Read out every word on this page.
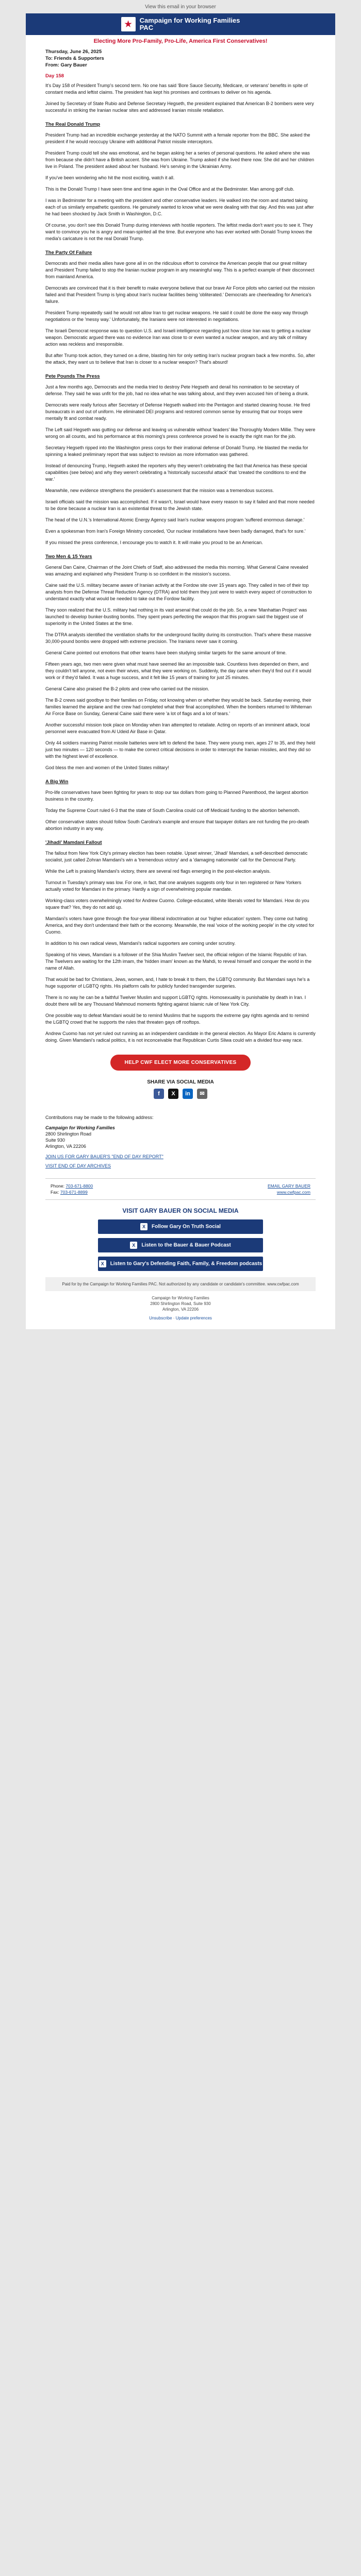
View this email in your browser
★ Campaign for Working Families
PAC
Electing More Pro-Family, Pro-Life, America First Conservatives!

Thursday, June 26, 2025

To: Friends & Supporters

From: Gary Bauer

Day 158

It's Day 158 of President Trump's second term. No one has said 'Bore Sauce Security, Medicare, or veterans' benefits in spite of constant media and leftist claims. The president has kept his promises and continues to deliver on his agenda.

Joined by Secretary of State Rubio and Defense Secretary Hegseth, the president explained that American B-2 bombers were very successful in striking the Iranian nuclear sites and addressed Iranian missile retaliation.

The Real Donald Trump

President Trump had an incredible exchange yesterday at the NATO Summit with a female reporter from the BBC. She asked the president if he would reoccupy Ukraine with additional Patriot missile interceptors.

President Trump could tell she was emotional, and he began asking her a series of personal questions. He asked where she was from because she didn't have a British accent. She was from Ukraine. Trump asked if she lived there now. She did and her children live in Poland. The president asked about her husband. He's serving in the Ukrainian Army.

If you've been wondering who hit the most exciting, watch it all.

This is the Donald Trump I have seen time and time again in the Oval Office and at the Bedminster. Man among golf club.

I was in Bedminster for a meeting with the president and other conservative leaders. He walked into the room and started taking each of us similarly empathetic questions. He genuinely wanted to know what we were dealing with that day. And this was just after he had been shocked by Jack Smith in Washington, D.C.

Of course, you don't see this Donald Trump during interviews with hostile reporters. The leftist media don't want you to see it. They want to convince you he is angry and mean-spirited all the time. But everyone who has ever worked with Donald Trump knows the media's caricature is not the real Donald Trump.

The Party Of Failure

Democrats and their media allies have gone all in on the ridiculous effort to convince the American people that our great military and President Trump failed to stop the Iranian nuclear program in any meaningful way. This is a perfect example of their disconnect from mainland America.

Democrats are convinced that it is their benefit to make everyone believe that our brave Air Force pilots who carried out the mission failed and that President Trump is lying about Iran's nuclear facilities being 'obliterated.' Democrats are cheerleading for America's failure.

President Trump repeatedly said he would not allow Iran to get nuclear weapons. He said it could be done the easy way through negotiations or the 'messy way.' Unfortunately, the Iranians were not interested in negotiations.

The Israeli Democrat response was to question U.S. and Israeli intelligence regarding just how close Iran was to getting a nuclear weapon. Democratic argued there was no evidence Iran was close to or even wanted a nuclear weapon, and any talk of military action was reckless and irresponsible.

But after Trump took action, they turned on a dime, blasting him for only setting Iran's nuclear program back a few months. So, after the attack, they want us to believe that Iran is closer to a nuclear weapon? That's absurd!

Pete Pounds The Press

Just a few months ago, Democrats and the media tried to destroy Pete Hegseth and derail his nomination to be secretary of defense. They said he was unfit for the job, had no idea what he was talking about, and they even accused him of being a drunk.

Democrats were really furious after Secretary of Defense Hegseth walked into the Pentagon and started cleaning house. He fired bureaucrats in and out of uniform. He eliminated DEI programs and restored common sense by ensuring that our troops were mentally fit and combat ready.

The Left said Hegseth was gutting our defense and leaving us vulnerable without 'leaders' like Thoroughly Modern Millie. They were wrong on all counts, and his performance at this morning's press conference proved he is exactly the right man for the job.

Secretary Hegseth ripped into the Washington press corps for their irrational defense of Donald Trump. He blasted the media for spinning a leaked preliminary report that was subject to revision as more information was gathered.

Instead of denouncing Trump, Hegseth asked the reporters why they weren't celebrating the fact that America has these special capabilities (see below) and why they weren't celebrating a 'historically successful attack' that 'created the conditions to end the war.'

Meanwhile, new evidence strengthens the president's assessment that the mission was a tremendous success.

Israeli officials said the mission was accomplished. If it wasn't, Israel would have every reason to say it failed and that more needed to be done because a nuclear Iran is an existential threat to the Jewish state.

The head of the U.N.'s International Atomic Energy Agency said Iran's nuclear weapons program 'suffered enormous damage.'

Even a spokesman from Iran's Foreign Ministry conceded, 'Our nuclear installations have been badly damaged, that's for sure.'

If you missed the press conference, I encourage you to watch it. It will make you proud to be an American.

Two Men & 15 Years

General Dan Caine, Chairman of the Joint Chiefs of Staff, also addressed the media this morning. What General Caine revealed was amazing and explained why President Trump is so confident in the mission's success.

Caine said the U.S. military became aware of Iranian activity at the Fordow site over 15 years ago. They called in two of their top analysts from the Defense Threat Reduction Agency (DTRA) and told them they just were to watch every aspect of construction to understand exactly what would be needed to take out the Fordow facility.

They soon realized that the U.S. military had nothing in its vast arsenal that could do the job. So, a new 'Manhattan Project' was launched to develop bunker-busting bombs. They spent years perfecting the weapon that this program said the biggest use of superiority in the United States at the time.

The DTRA analysts identified the ventilation shafts for the underground facility during its construction. That's where these massive 30,000-pound bombs were dropped with extreme precision. The Iranians never saw it coming.

General Caine pointed out emotions that other teams have been studying similar targets for the same amount of time.

Fifteen years ago, two men were given what must have seemed like an impossible task. Countless lives depended on them, and they couldn't tell anyone, not even their wives, what they were working on. Suddenly, the day came when they'd find out if it would work or if they'd failed. It was a huge success, and it felt like 15 years of training for just 25 minutes.

General Caine also praised the B-2 pilots and crew who carried out the mission.

The B-2 crews said goodbye to their families on Friday, not knowing when or whether they would be back. Saturday evening, their families learned the airplane and the crew had completed what their final accomplished. When the bombers returned to Whiteman Air Force Base on Sunday, General Caine said there were 'a lot of flags and a lot of tears.'

Another successful mission took place on Monday when Iran attempted to retaliate. Acting on reports of an imminent attack, local personnel were evacuated from Al Udeid Air Base in Qatar.

Only 44 soldiers manning Patriot missile batteries were left to defend the base. They were young men, ages 27 to 35, and they held just two minutes — 120 seconds — to make the correct critical decisions in order to intercept the Iranian missiles, and they did so with the highest level of excellence.

God bless the men and women of the United States military!

A Big Win

Pro-life conservatives have been fighting for years to stop our tax dollars from going to Planned Parenthood, the largest abortion business in the country.

Today the Supreme Court ruled 6-3 that the state of South Carolina could cut off Medicaid funding to the abortion behemoth.

Other conservative states should follow South Carolina's example and ensure that taxpayer dollars are not funding the pro-death abortion industry in any way.

'Jihadi' Mamdani Fallout

The fallout from New York City's primary election has been notable. Upset winner, 'Jihadi' Mamdani, a self-described democratic socialist, just called Zohran Mamdani's win a 'tremendous victory' and a 'damaging nationwide' call for the Democrat Party.

While the Left is praising Mamdani's victory, there are several red flags emerging in the post-election analysis.

Turnout in Tuesday's primary was low. For one, in fact, that one analyses suggests only four in ten registered or New Yorkers actually voted for Mamdani in the primary. Hardly a sign of overwhelming popular mandate.

Working-class voters overwhelmingly voted for Andrew Cuomo. College-educated, white liberals voted for Mamdani. How do you square that? Yes, they do not add up.

Mamdani's voters have gone through the four-year illiberal indoctrination at our 'higher education' system. They come out hating America, and they don't understand their faith or the economy. Meanwhile, the real 'voice of the working people' in the city voted for Cuomo.

In addition to his own radical views, Mamdani's radical supporters are coming under scrutiny.

Speaking of his views, Mamdani is a follower of the Shia Muslim Twelver sect, the official religion of the Islamic Republic of Iran. The Twelvers are waiting for the 12th imam, the 'hidden imam' known as the Mahdi, to reveal himself and conquer the world in the name of Allah.

That would be bad for Christians, Jews, women, and, I hate to break it to them, the LGBTQ community. But Mamdani says he's a huge supporter of LGBTQ rights. His platform calls for publicly funded transgender surgeries.

There is no way he can be a faithful Twelver Muslim and support LGBTQ rights. Homosexuality is punishable by death in Iran. I doubt there will be any Thousand Mahmoud moments fighting against Islamic rule of New York City.

One possible way to defeat Mamdani would be to remind Muslims that he supports the extreme gay rights agenda and to remind the LGBTQ crowd that he supports the rules that threaten gays off rooftops.

Andrew Cuomo has not yet ruled out running as an independent candidate in the general election. As Mayor Eric Adams is currently doing. Given Mamdani's radical politics, it is not inconceivable that Republican Curtis Sliwa could win a divided four-way race.

HELP CWF ELECT MORE CONSERVATIVES
SHARE VIA SOCIAL MEDIA
f	X	in	✉

Contributions may be made to the following address:

Campaign for Working Families
2800 Shirlington Road
Suite 930
Arlington, VA 22206
JOIN US FOR GARY BAUER'S "END OF DAY REPORT"
VISIT END OF DAY ARCHIVES
Phone: 703-671-8800
Fax: 703-671-8899
EMAIL GARY BAUER
www.cwfpac.com
VISIT GARY BAUER ON SOCIAL MEDIA
X Follow Gary On Truth Social
X Listen to the Bauer & Bauer Podcast
X Listen to Gary's Defending Faith, Family, & Freedom podcasts
Paid for by the Campaign for Working Families PAC. Not authorized by any candidate or candidate's committee. www.cwfpac.com
Campaign for Working Families
2800 Shirlington Road, Suite 930
Arlington, VA 22206
Unsubscribe · Update preferences
